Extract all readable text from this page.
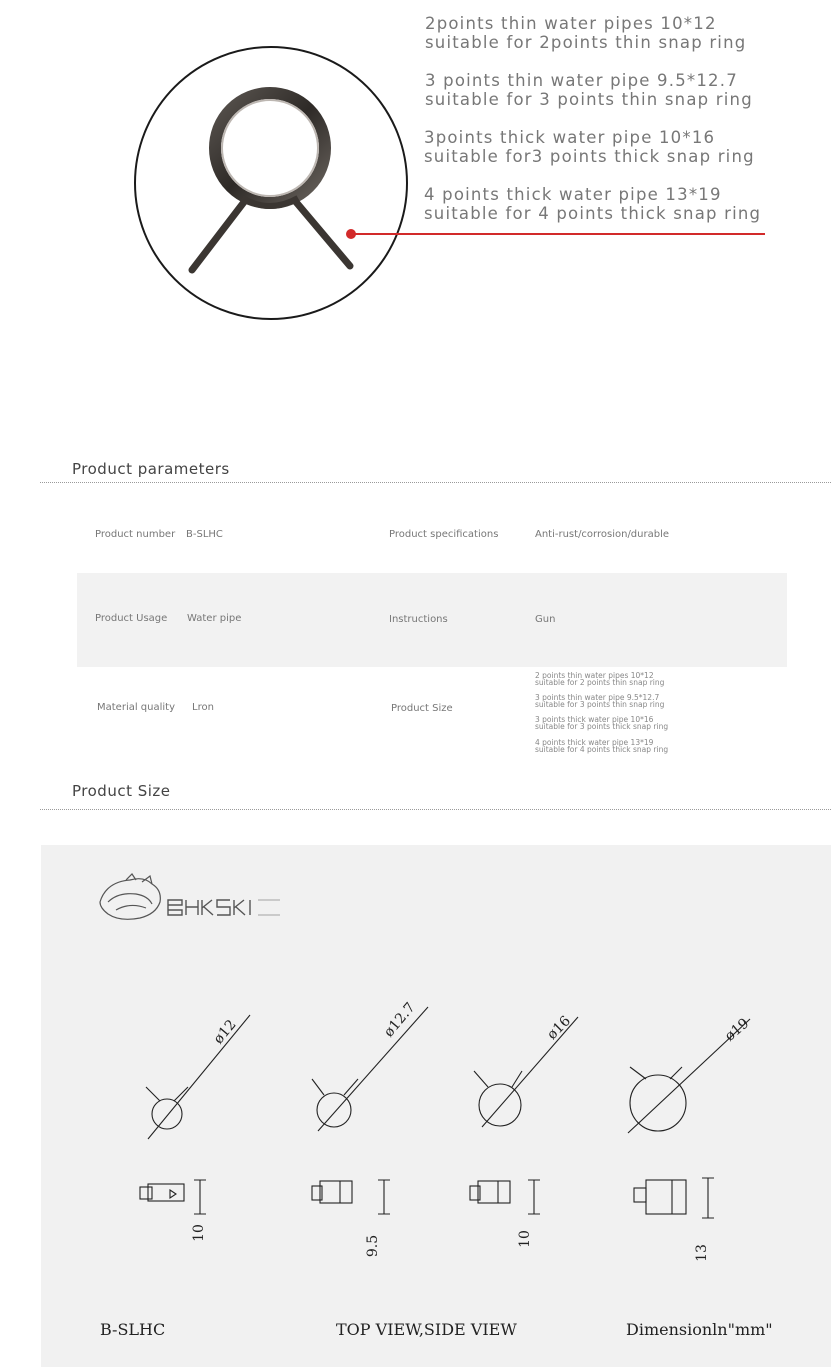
2points thin water pipes 10*12
suitable for 2points thin snap ring
3 points thin water pipe 9.5*12.7
suitable for 3 points thin snap ring
3points thick water pipe 10*16
suitable for3 points thick snap ring
4 points thick water pipe 13*19
suitable for 4 points thick snap ring
Product parameters
Product number B-SLHC	Product specifications	Anti-rust/corrosion/durable
Product Usage Water pipe	Instructions	Gun
Material quality Lron	Product Size
2 points thin water pipes 10*12
suitable for 2 points thin snap ring
3 points thin water pipe 9.5*12.7
suitable for 3 points thin snap ring
3 points thick water pipe 10*16
suitable for 3 points thick snap ring
4 points thick water pipe 13*19
suitable for 4 points thick snap ring
Product Size
ø12	ø12.7	ø16	ø19
10
9.5	10
13
B-SLHC	TOP VIEW,SIDE VIEW	Dimensionln"mm"
